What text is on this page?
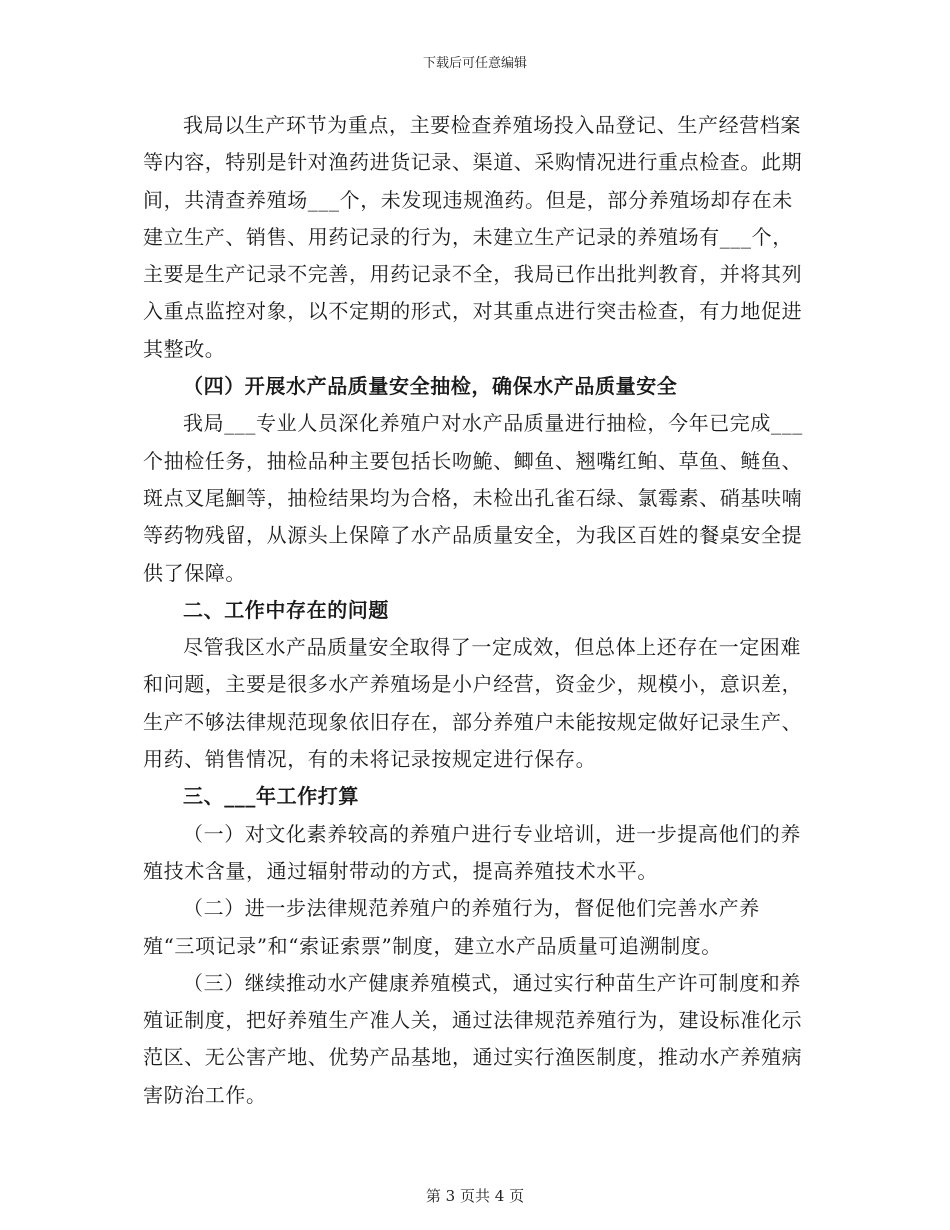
下载后可任意编辑

我局以生产环节为重点，主要检查养殖场投入品登记、生产经营档案等内容，特别是针对渔药进货记录、渠道、采购情况进行重点检查。此期间，共清查养殖场___个，未发现违规渔药。但是，部分养殖场却存在未建立生产、销售、用药记录的行为，未建立生产记录的养殖场有___个，主要是生产记录不完善，用药记录不全，我局已作出批判教育，并将其列入重点监控对象，以不定期的形式，对其重点进行突击检查，有力地促进其整改。

（四）开展水产品质量安全抽检，确保水产品质量安全

我局___专业人员深化养殖户对水产品质量进行抽检，今年已完成___个抽检任务，抽检品种主要包括长吻鮠、鲫鱼、翘嘴红鲌、草鱼、鲢鱼、斑点叉尾鮰等，抽检结果均为合格，未检出孔雀石绿、氯霉素、硝基呋喃等药物残留，从源头上保障了水产品质量安全，为我区百姓的餐桌安全提供了保障。

二、工作中存在的问题

尽管我区水产品质量安全取得了一定成效，但总体上还存在一定困难和问题，主要是很多水产养殖场是小户经营，资金少，规模小，意识差，生产不够法律规范现象依旧存在，部分养殖户未能按规定做好记录生产、用药、销售情况，有的未将记录按规定进行保存。

三、___年工作打算

（一）对文化素养较高的养殖户进行专业培训，进一步提高他们的养殖技术含量，通过辐射带动的方式，提高养殖技术水平。

（二）进一步法律规范养殖户的养殖行为，督促他们完善水产养殖“三项记录”和“索证索票”制度，建立水产品质量可追溯制度。

（三）继续推动水产健康养殖模式，通过实行种苗生产许可制度和养殖证制度，把好养殖生产准人关，通过法律规范养殖行为，建设标准化示范区、无公害产地、优势产品基地，通过实行渔医制度，推动水产养殖病害防治工作。

第 3 页共 4 页
